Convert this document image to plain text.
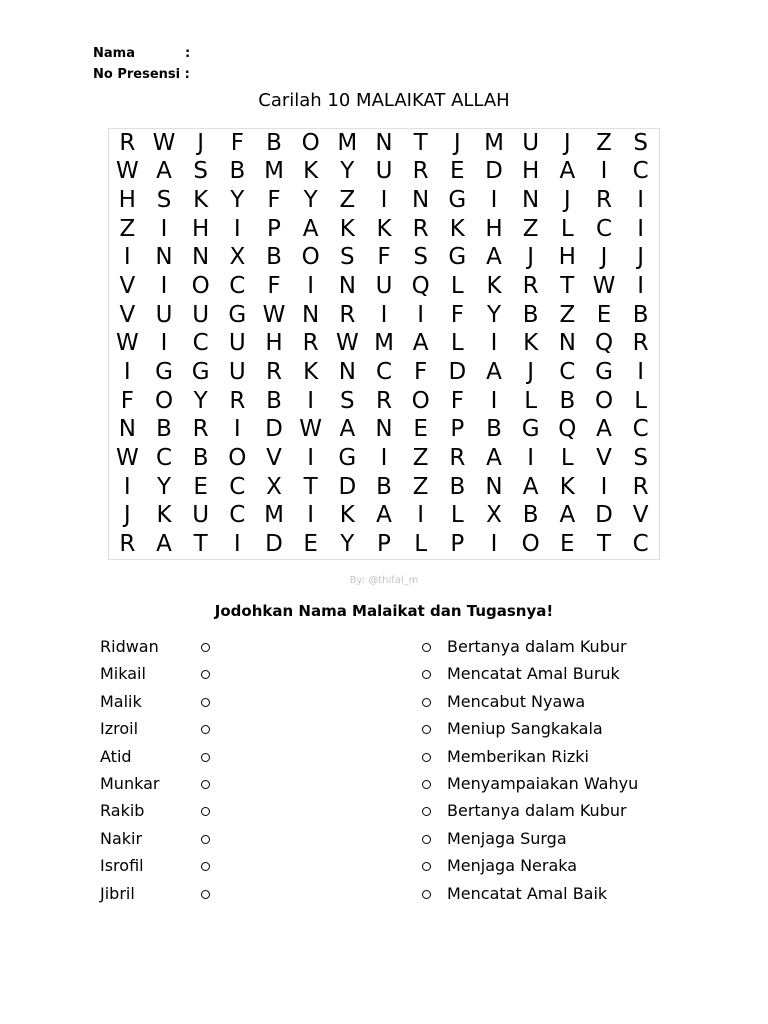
Nama	:
No Presensi :
Carilah 10 MALAIKAT ALLAH
R W J	F B O M N T	J	M U	J	Z S
W A S B M K Y U R E D H A	I	C
H S K Y	F	Y Z	I	N G	I	N	J	R	I
Z	I	H	I	P A K K R K H Z L C	I
I	N N X B O S F S G A	J	H	J	J
V	I	O C F	I	N U Q L K R T W I
V U U G W N R	I	I	F	Y B Z E B
W I	C U H R W M A L	I	K N Q R
I	G G U R K N C F D A	J	C G	I
F O Y R B	I	S R O F	I	L B O L
N B R	I	D W A N E P B G Q A C
W C B O V	I	G	I	Z R A	I	L V S
I	Y E C X T D B Z B N A K	I	R
J	K U C M	I	K A	I	L X B A D V
R A T	I	D E Y P	L	P	I	O E T C
By: @thifal_m
Jodohkan Nama Malaikat dan Tugasnya!
Ridwan	Bertanya dalam Kubur
Mikail	Mencatat Amal Buruk
Malik	Mencabut Nyawa
Izroil	Meniup Sangkakala
Atid	Memberikan Rizki
Munkar	Menyampaiakan Wahyu
Rakib	Bertanya dalam Kubur
Nakir	Menjaga Surga
Isrofil	Menjaga Neraka
Jibril	Mencatat Amal Baik
